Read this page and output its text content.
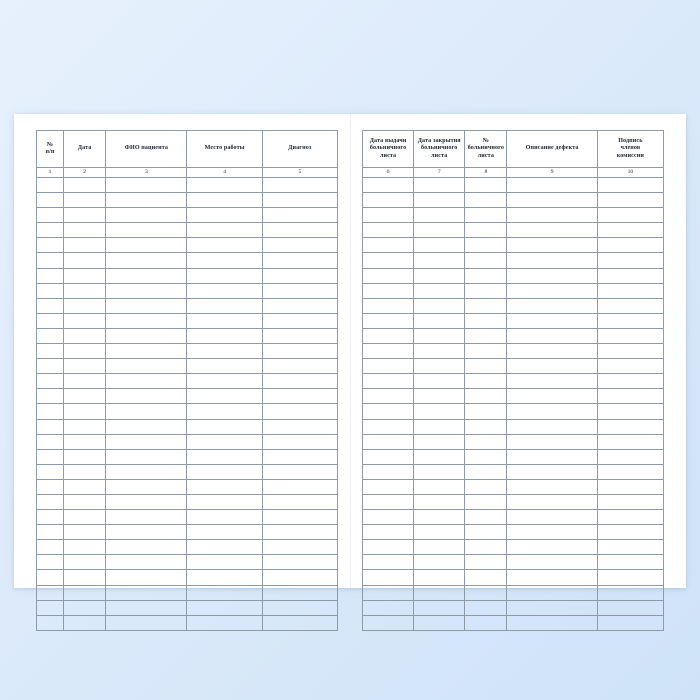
№
п/п	Дата	ФИО пациента	Место работы	Диагноз

1	2	3	4	5

Дата выдачи
больничного
листа	Дата закрытия
больничного
листа	№
больничного
листа	Описание дефекта	Подпись
членов
комиссии

6	7	8	9	10
